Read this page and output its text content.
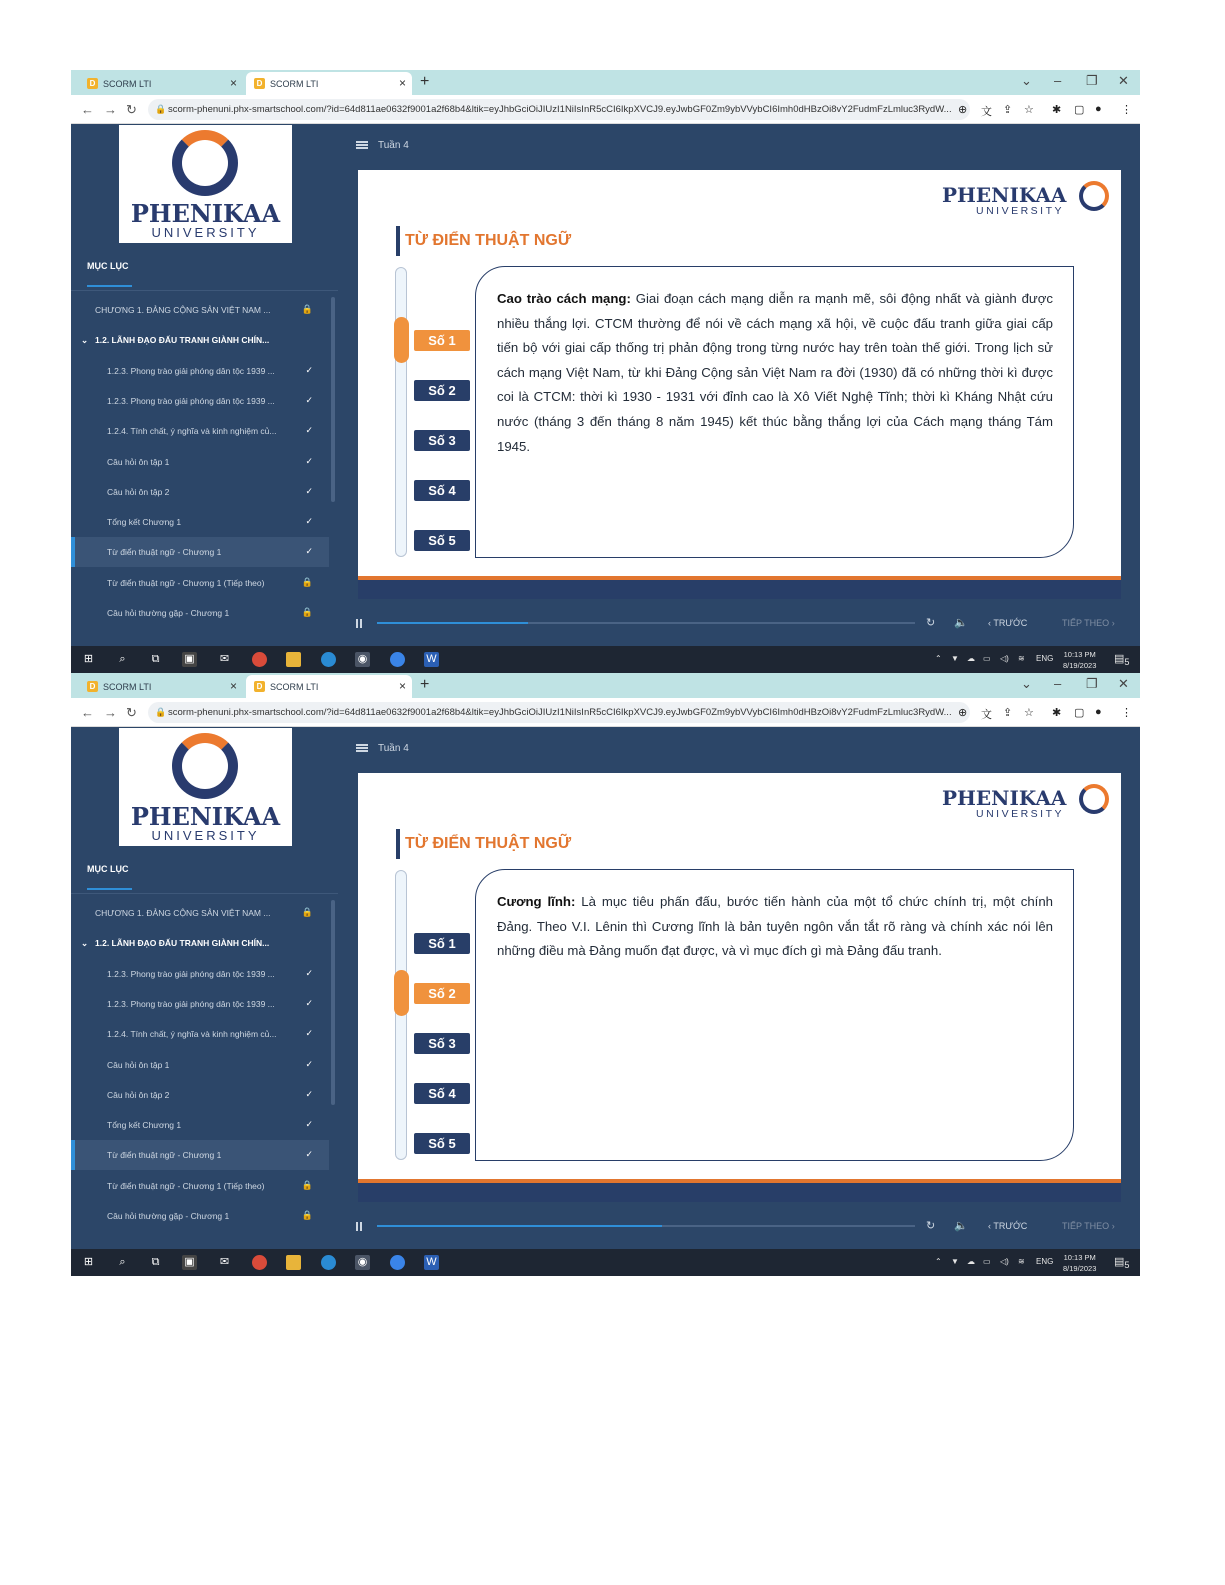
D SCORM LTI	×	D SCORM LTI	× +	⌄ – ❐ ✕
← → ↻ 🔒 scorm-phenuni.phx-smartschool.com/?id=64d811ae0632f9001a2f68b4&ltik=eyJhbGciOiJIUzI1NiIsInR5cCI6IkpXVCJ9.eyJwbGF0Zm9ybVVybCI6Imh0dHBzOi8vY2FudmFzLmluc3RydW... ⊕ 文 ⇪ ☆ ✱ ▢ ● ⋮
PHENIKAA
UNIVERSITY
MỤC LỤC
CHƯƠNG 1. ĐẢNG CỘNG SẢN VIỆT NAM ...	🔒
1.2. LÃNH ĐẠO ĐẤU TRANH GIÀNH CHÍN...
⌄
1.2.3. Phong trào giải phóng dân tộc 1939 ...	✓
1.2.3. Phong trào giải phóng dân tộc 1939 ...	✓
1.2.4. Tính chất, ý nghĩa và kinh nghiệm củ...	✓
Câu hỏi ôn tập 1	✓
Câu hỏi ôn tập 2	✓
Tổng kết Chương 1	✓
Từ điển thuật ngữ - Chương 1	✓
Từ điển thuật ngữ - Chương 1 (Tiếp theo)	🔒
Câu hỏi thường gặp - Chương 1	🔒
Tuần 4
PHENIKAA
UNIVERSITY
TỪ ĐIỂN THUẬT NGỮ
Số 1
Số 2
Số 3
Số 4
Số 5
Cao trào cách mạng: Giai đoạn cách mạng diễn ra mạnh mẽ, sôi động nhất và giành được nhiều thắng lợi. CTCM thường để nói về cách mạng xã hội, về cuộc đấu tranh giữa giai cấp tiến bộ với giai cấp thống trị phản động trong từng nước hay trên toàn thế giới. Trong lịch sử cách mạng Việt Nam, từ khi Đảng Cộng sản Việt Nam ra đời (1930) đã có những thời kì được coi là CTCM: thời kì 1930 - 1931 với đỉnh cao là Xô Viết Nghệ Tĩnh; thời kì Kháng Nhật cứu nước (tháng 3 đến tháng 8 năm 1945) kết thúc bằng thắng lợi của Cách mạng tháng Tám 1945.
↻ 🔈 ‹ TRƯỚC	TIẾP THEO ›
⊞	⌕	⧉	▣ ✉	◉	W	⌃ ▼ ☁ ▭ ◁) ≋ ENG 10:13 PM
8/19/2023
$▤_5$
D SCORM LTI	×	D SCORM LTI	× +	⌄ – ❐ ✕
← → ↻ 🔒 scorm-phenuni.phx-smartschool.com/?id=64d811ae0632f9001a2f68b4&ltik=eyJhbGciOiJIUzI1NiIsInR5cCI6IkpXVCJ9.eyJwbGF0Zm9ybVVybCI6Imh0dHBzOi8vY2FudmFzLmluc3RydW... ⊕ 文 ⇪ ☆ ✱ ▢ ● ⋮
PHENIKAA
UNIVERSITY
MỤC LỤC
CHƯƠNG 1. ĐẢNG CỘNG SẢN VIỆT NAM ...	🔒
1.2. LÃNH ĐẠO ĐẤU TRANH GIÀNH CHÍN...
⌄
1.2.3. Phong trào giải phóng dân tộc 1939 ...	✓
1.2.3. Phong trào giải phóng dân tộc 1939 ...	✓
1.2.4. Tính chất, ý nghĩa và kinh nghiệm củ...	✓
Câu hỏi ôn tập 1	✓
Câu hỏi ôn tập 2	✓
Tổng kết Chương 1	✓
Từ điển thuật ngữ - Chương 1	✓
Từ điển thuật ngữ - Chương 1 (Tiếp theo)	🔒
Câu hỏi thường gặp - Chương 1	🔒
Tuần 4
PHENIKAA
UNIVERSITY
TỪ ĐIỂN THUẬT NGỮ
Số 1
Số 2
Số 3
Số 4
Số 5
Cương lĩnh: Là mục tiêu phấn đấu, bước tiến hành của một tổ chức chính trị, một chính Đảng. Theo V.I. Lênin thì Cương lĩnh là bản tuyên ngôn vắn tắt rõ ràng và chính xác nói lên những điều mà Đảng muốn đạt được, và vì mục đích gì mà Đảng đấu tranh.
↻ 🔈 ‹ TRƯỚC	TIẾP THEO ›
⊞	⌕	⧉	▣ ✉	◉	W	⌃ ▼ ☁ ▭ ◁) ≋ ENG 10:13 PM
8/19/2023
$▤_5$
